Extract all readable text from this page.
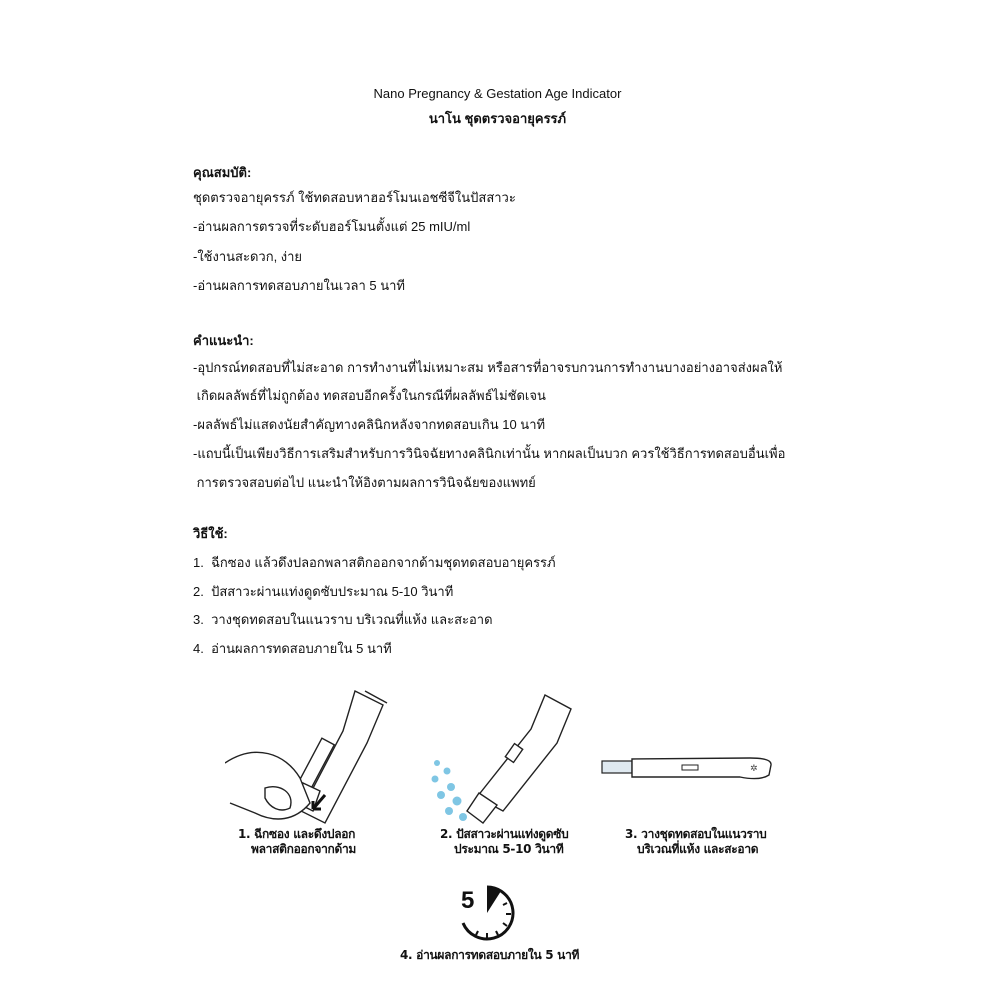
Nano Pregnancy & Gestation Age Indicator
นาโน ชุดตรวจอายุครรภ์
คุณสมบัติ:
ชุดตรวจอายุครรภ์ ใช้ทดสอบหาฮอร์โมนเอชซีจีในปัสสาวะ
-อ่านผลการตรวจที่ระดับฮอร์โมนตั้งแต่ 25 mIU/ml
-ใช้งานสะดวก, ง่าย
-อ่านผลการทดสอบภายในเวลา 5 นาที
คำแนะนำ:
-อุปกรณ์ทดสอบที่ไม่สะอาด การทำงานที่ไม่เหมาะสม หรือสารที่อาจรบกวนการทำงานบางอย่างอาจส่งผลให้
เกิดผลลัพธ์ที่ไม่ถูกต้อง ทดสอบอีกครั้งในกรณีที่ผลลัพธ์ไม่ชัดเจน
-ผลลัพธ์ไม่แสดงนัยสำคัญทางคลินิกหลังจากทดสอบเกิน 10 นาที
-แถบนี้เป็นเพียงวิธีการเสริมสำหรับการวินิจฉัยทางคลินิกเท่านั้น หากผลเป็นบวก ควรใช้วิธีการทดสอบอื่นเพื่อ
การตรวจสอบต่อไป แนะนำให้อิงตามผลการวินิจฉัยของแพทย์
วิธีใช้:
1.  ฉีกซอง แล้วดึงปลอกพลาสติกออกจากด้ามชุดทดสอบอายุครรภ์
2.  ปัสสาวะผ่านแท่งดูดซับประมาณ 5-10 วินาที
3.  วางชุดทดสอบในแนวราบ บริเวณที่แห้ง และสะอาด
4.  อ่านผลการทดสอบภายใน 5 นาที
1. ฉีกซอง และดึงปลอก
พลาสติกออกจากด้าม
2. ปัสสาวะผ่านแท่งดูดซับ
ประมาณ 5-10 วินาที
✲
3. วางชุดทดสอบในแนวราบ
บริเวณที่แห้ง และสะอาด
5
4. อ่านผลการทดสอบภายใน 5 นาที
